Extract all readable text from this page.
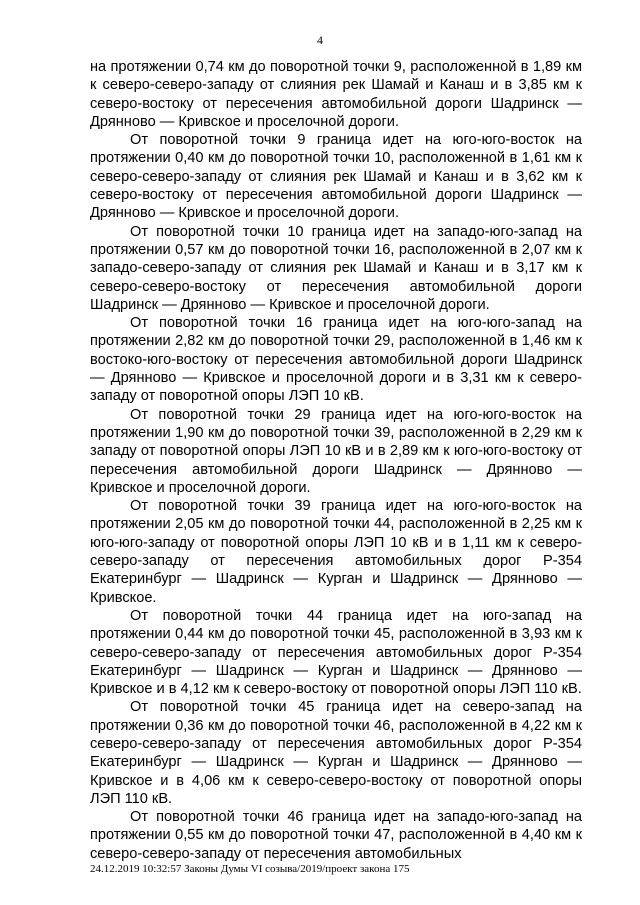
4

на протяжении 0,74 км до поворотной точки 9, расположенной в 1,89 км к северо-северо-западу от слияния рек Шамай и Канаш и в 3,85 км к северо-востоку от пересечения автомобильной дороги Шадринск — Дрянново — Кривское и проселочной дороги.

От поворотной точки 9 граница идет на юго-юго-восток на протяжении 0,40 км до поворотной точки 10, расположенной в 1,61 км к северо-северо-западу от слияния рек Шамай и Канаш и в 3,62 км к северо-востоку от пересечения автомобильной дороги Шадринск — Дрянново — Кривское и проселочной дороги.

От поворотной точки 10 граница идет на западо-юго-запад на протяжении 0,57 км до поворотной точки 16, расположенной в 2,07 км к западо-северо-западу от слияния рек Шамай и Канаш и в 3,17 км к северо-северо-востоку от пересечения автомобильной дороги Шадринск — Дрянново — Кривское и проселочной дороги.

От поворотной точки 16 граница идет на юго-юго-запад на протяжении 2,82 км до поворотной точки 29, расположенной в 1,46 км к востоко-юго-востоку от пересечения автомобильной дороги Шадринск — Дрянново — Кривское и проселочной дороги и в 3,31 км к северо-западу от поворотной опоры ЛЭП 10 кВ.

От поворотной точки 29 граница идет на юго-юго-восток на протяжении 1,90 км до поворотной точки 39, расположенной в 2,29 км к западу от поворотной опоры ЛЭП 10 кВ и в 2,89 км к юго-юго-востоку от пересечения автомобильной дороги Шадринск — Дрянново — Кривское и проселочной дороги.

От поворотной точки 39 граница идет на юго-юго-восток на протяжении 2,05 км до поворотной точки 44, расположенной в 2,25 км к юго-юго-западу от поворотной опоры ЛЭП 10 кВ и в 1,11 км к северо-северо-западу от пересечения автомобильных дорог Р-354 Екатеринбург — Шадринск — Курган и Шадринск — Дрянново — Кривское.

От поворотной точки 44 граница идет на юго-запад на протяжении 0,44 км до поворотной точки 45, расположенной в 3,93 км к северо-северо-западу от пересечения автомобильных дорог Р-354 Екатеринбург — Шадринск — Курган и Шадринск — Дрянново — Кривское и в 4,12 км к северо-востоку от поворотной опоры ЛЭП 110 кВ.

От поворотной точки 45 граница идет на северо-запад на протяжении 0,36 км до поворотной точки 46, расположенной в 4,22 км к северо-северо-западу от пересечения автомобильных дорог Р-354 Екатеринбург — Шадринск — Курган и Шадринск — Дрянново — Кривское и в 4,06 км к северо-северо-востоку от поворотной опоры ЛЭП 110 кВ.

От поворотной точки 46 граница идет на западо-юго-запад на протяжении 0,55 км до поворотной точки 47, расположенной в 4,40 км к северо-северо-западу от пересечения автомобильных

24.12.2019 10:32:57 Законы Думы VI созыва/2019/проект закона 175
